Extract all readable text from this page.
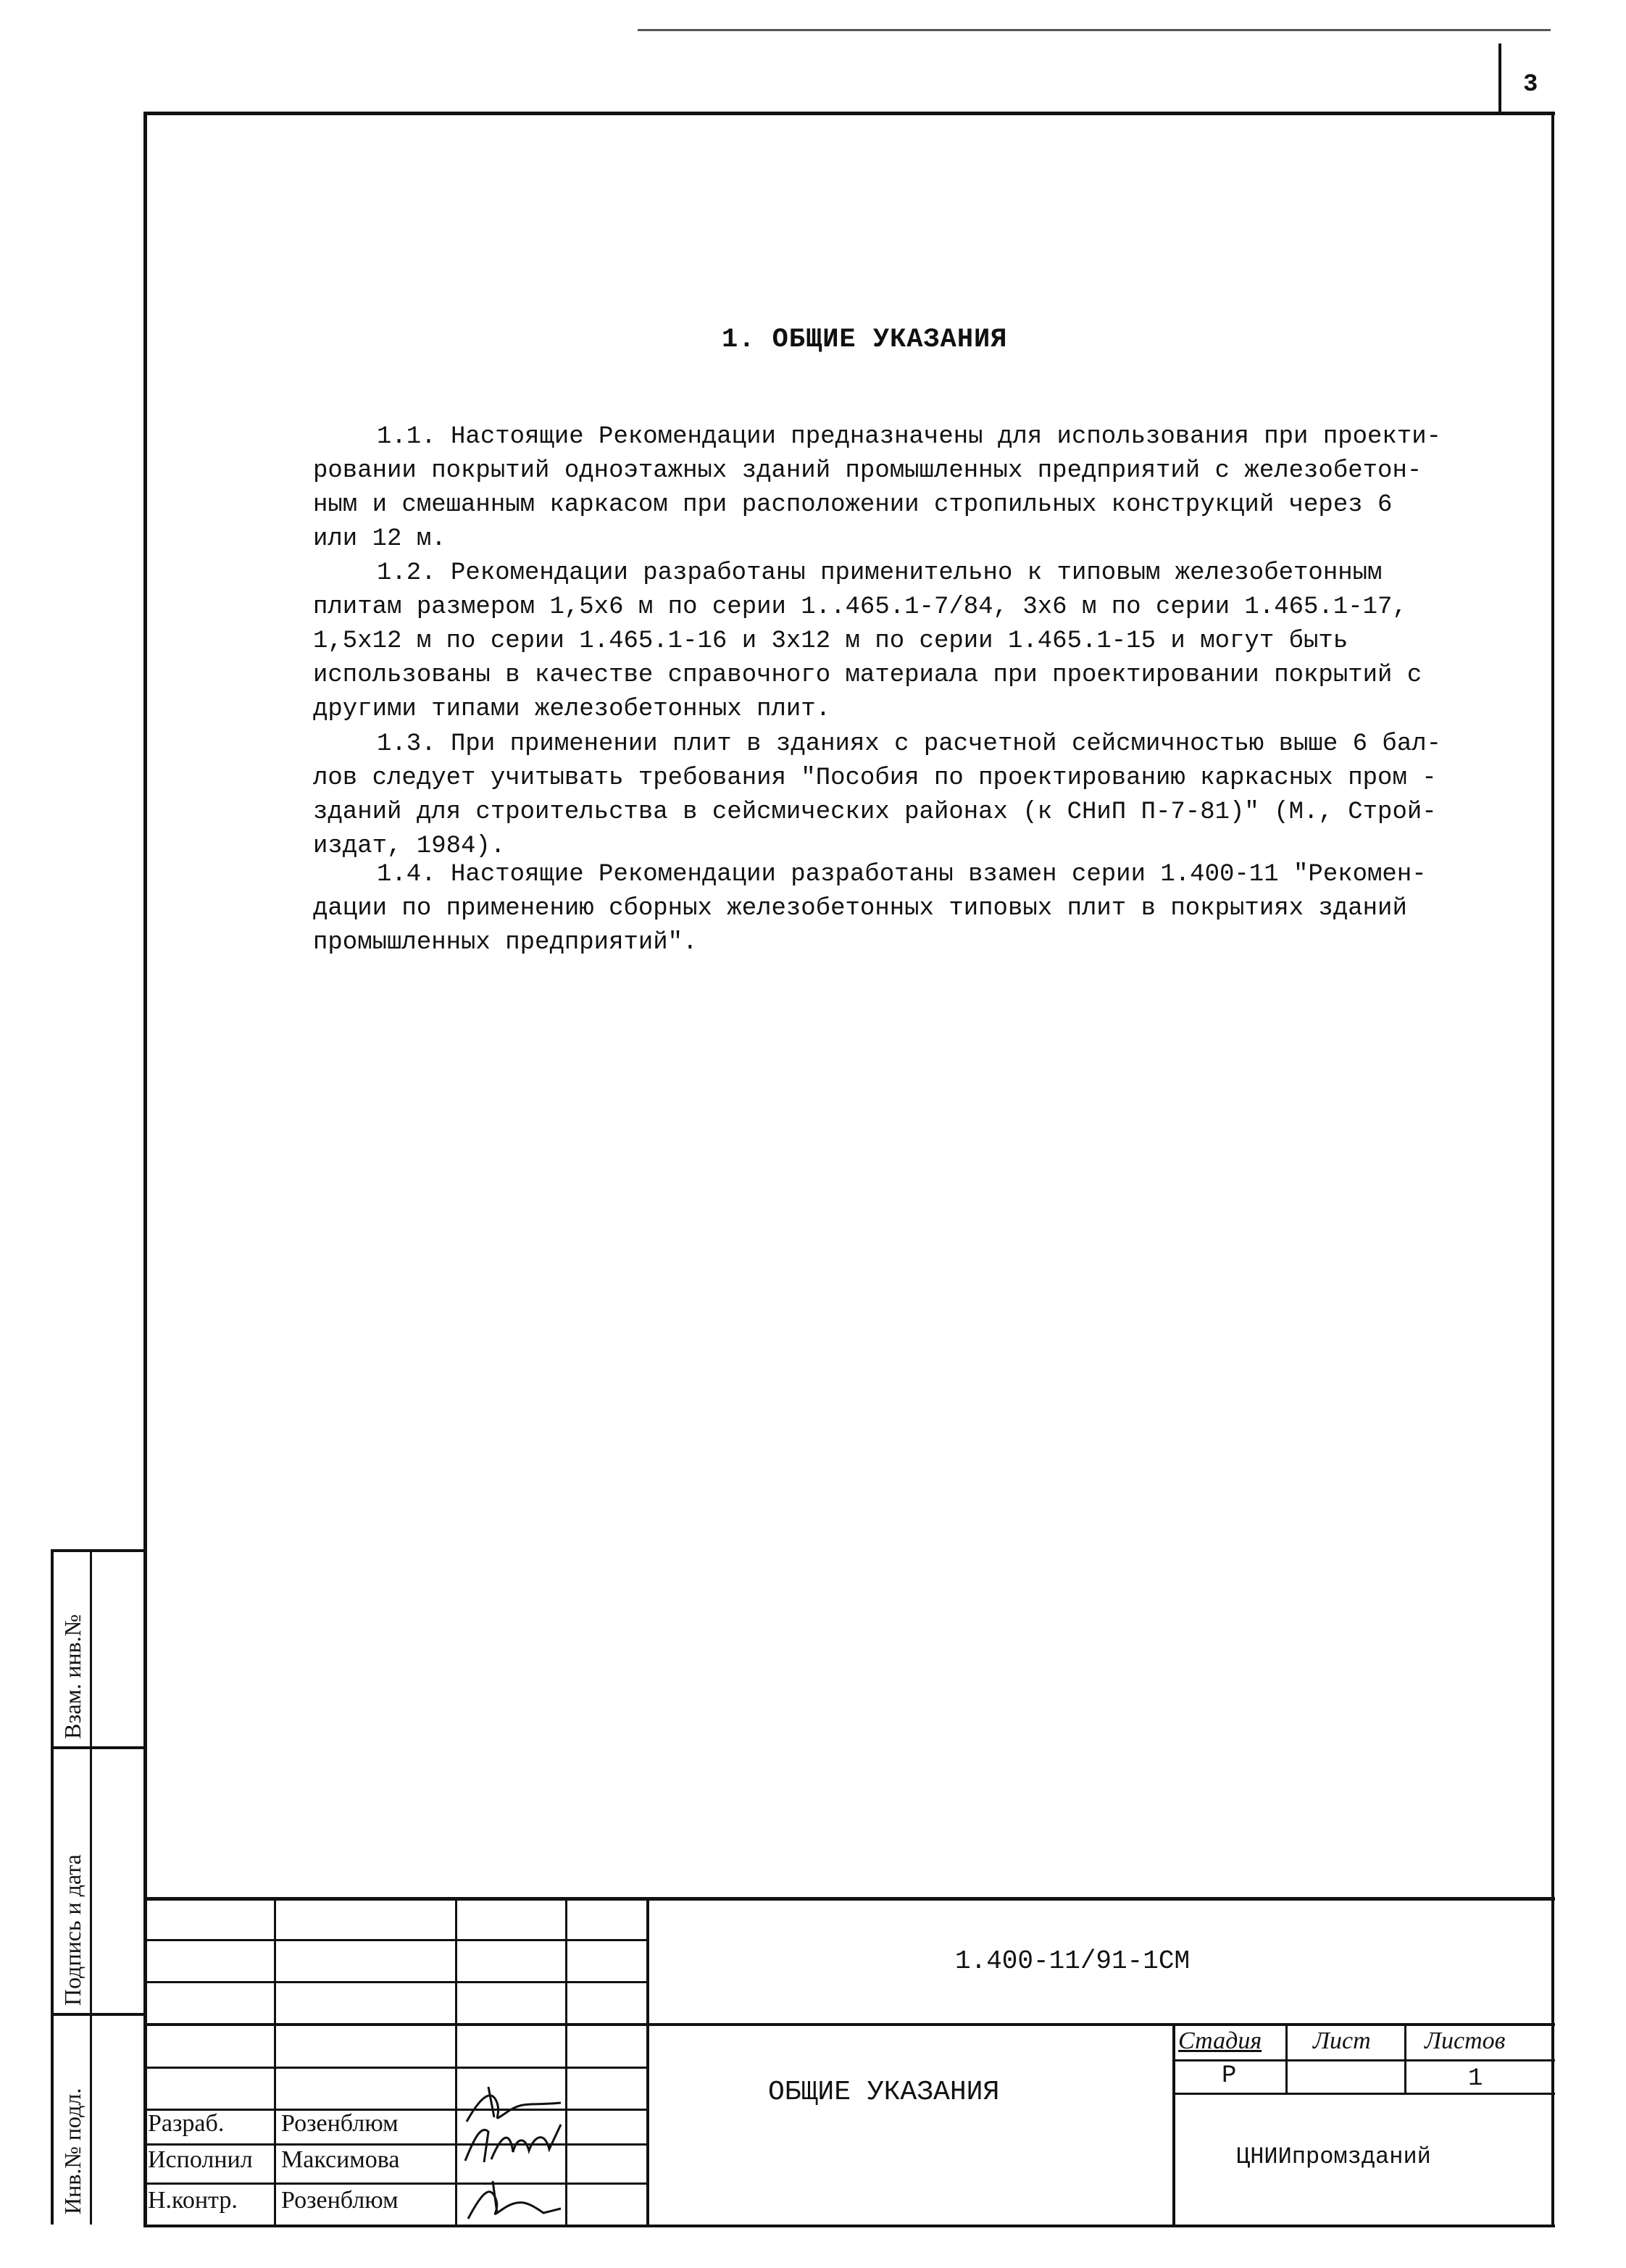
3
1. ОБЩИЕ УКАЗАНИЯ
1.1. Настоящие Рекомендации предназначены для использования при проекти-
ровании покрытий одноэтажных зданий промышленных предприятий с железобетон-
ным и смешанным каркасом при расположении стропильных конструкций через 6
или 12 м.
1.2. Рекомендации разработаны применительно к типовым железобетонным
плитам размером 1,5х6 м по серии 1..465.1-7/84, 3х6 м по серии 1.465.1-17,
1,5х12 м по серии 1.465.1-16 и 3х12 м по серии 1.465.1-15 и могут быть
использованы в качестве справочного материала при проектировании покрытий с
другими типами железобетонных плит.
1.3. При применении плит в зданиях с расчетной сейсмичностью выше 6 бал-
лов следует учитывать требования "Пособия по проектированию каркасных пром -
зданий для строительства в сейсмических районах (к СНиП П-7-81)" (М., Строй-
издат, 1984).
1.4. Настоящие Рекомендации разработаны взамен серии 1.400-11 "Рекомен-
дации по применению сборных железобетонных типовых плит в покрытиях зданий
промышленных предприятий".
Взам. инв.№
Подпись и дата
Инв.№ подл.
1.400-11/91-1СМ
ОБЩИЕ УКАЗАНИЯ
Стадия Лист Листов
Р	1
ЦНИИпромзданий
Разраб. Розенблюм
Исполнил Максимова
Н.контр. Розенблюм
